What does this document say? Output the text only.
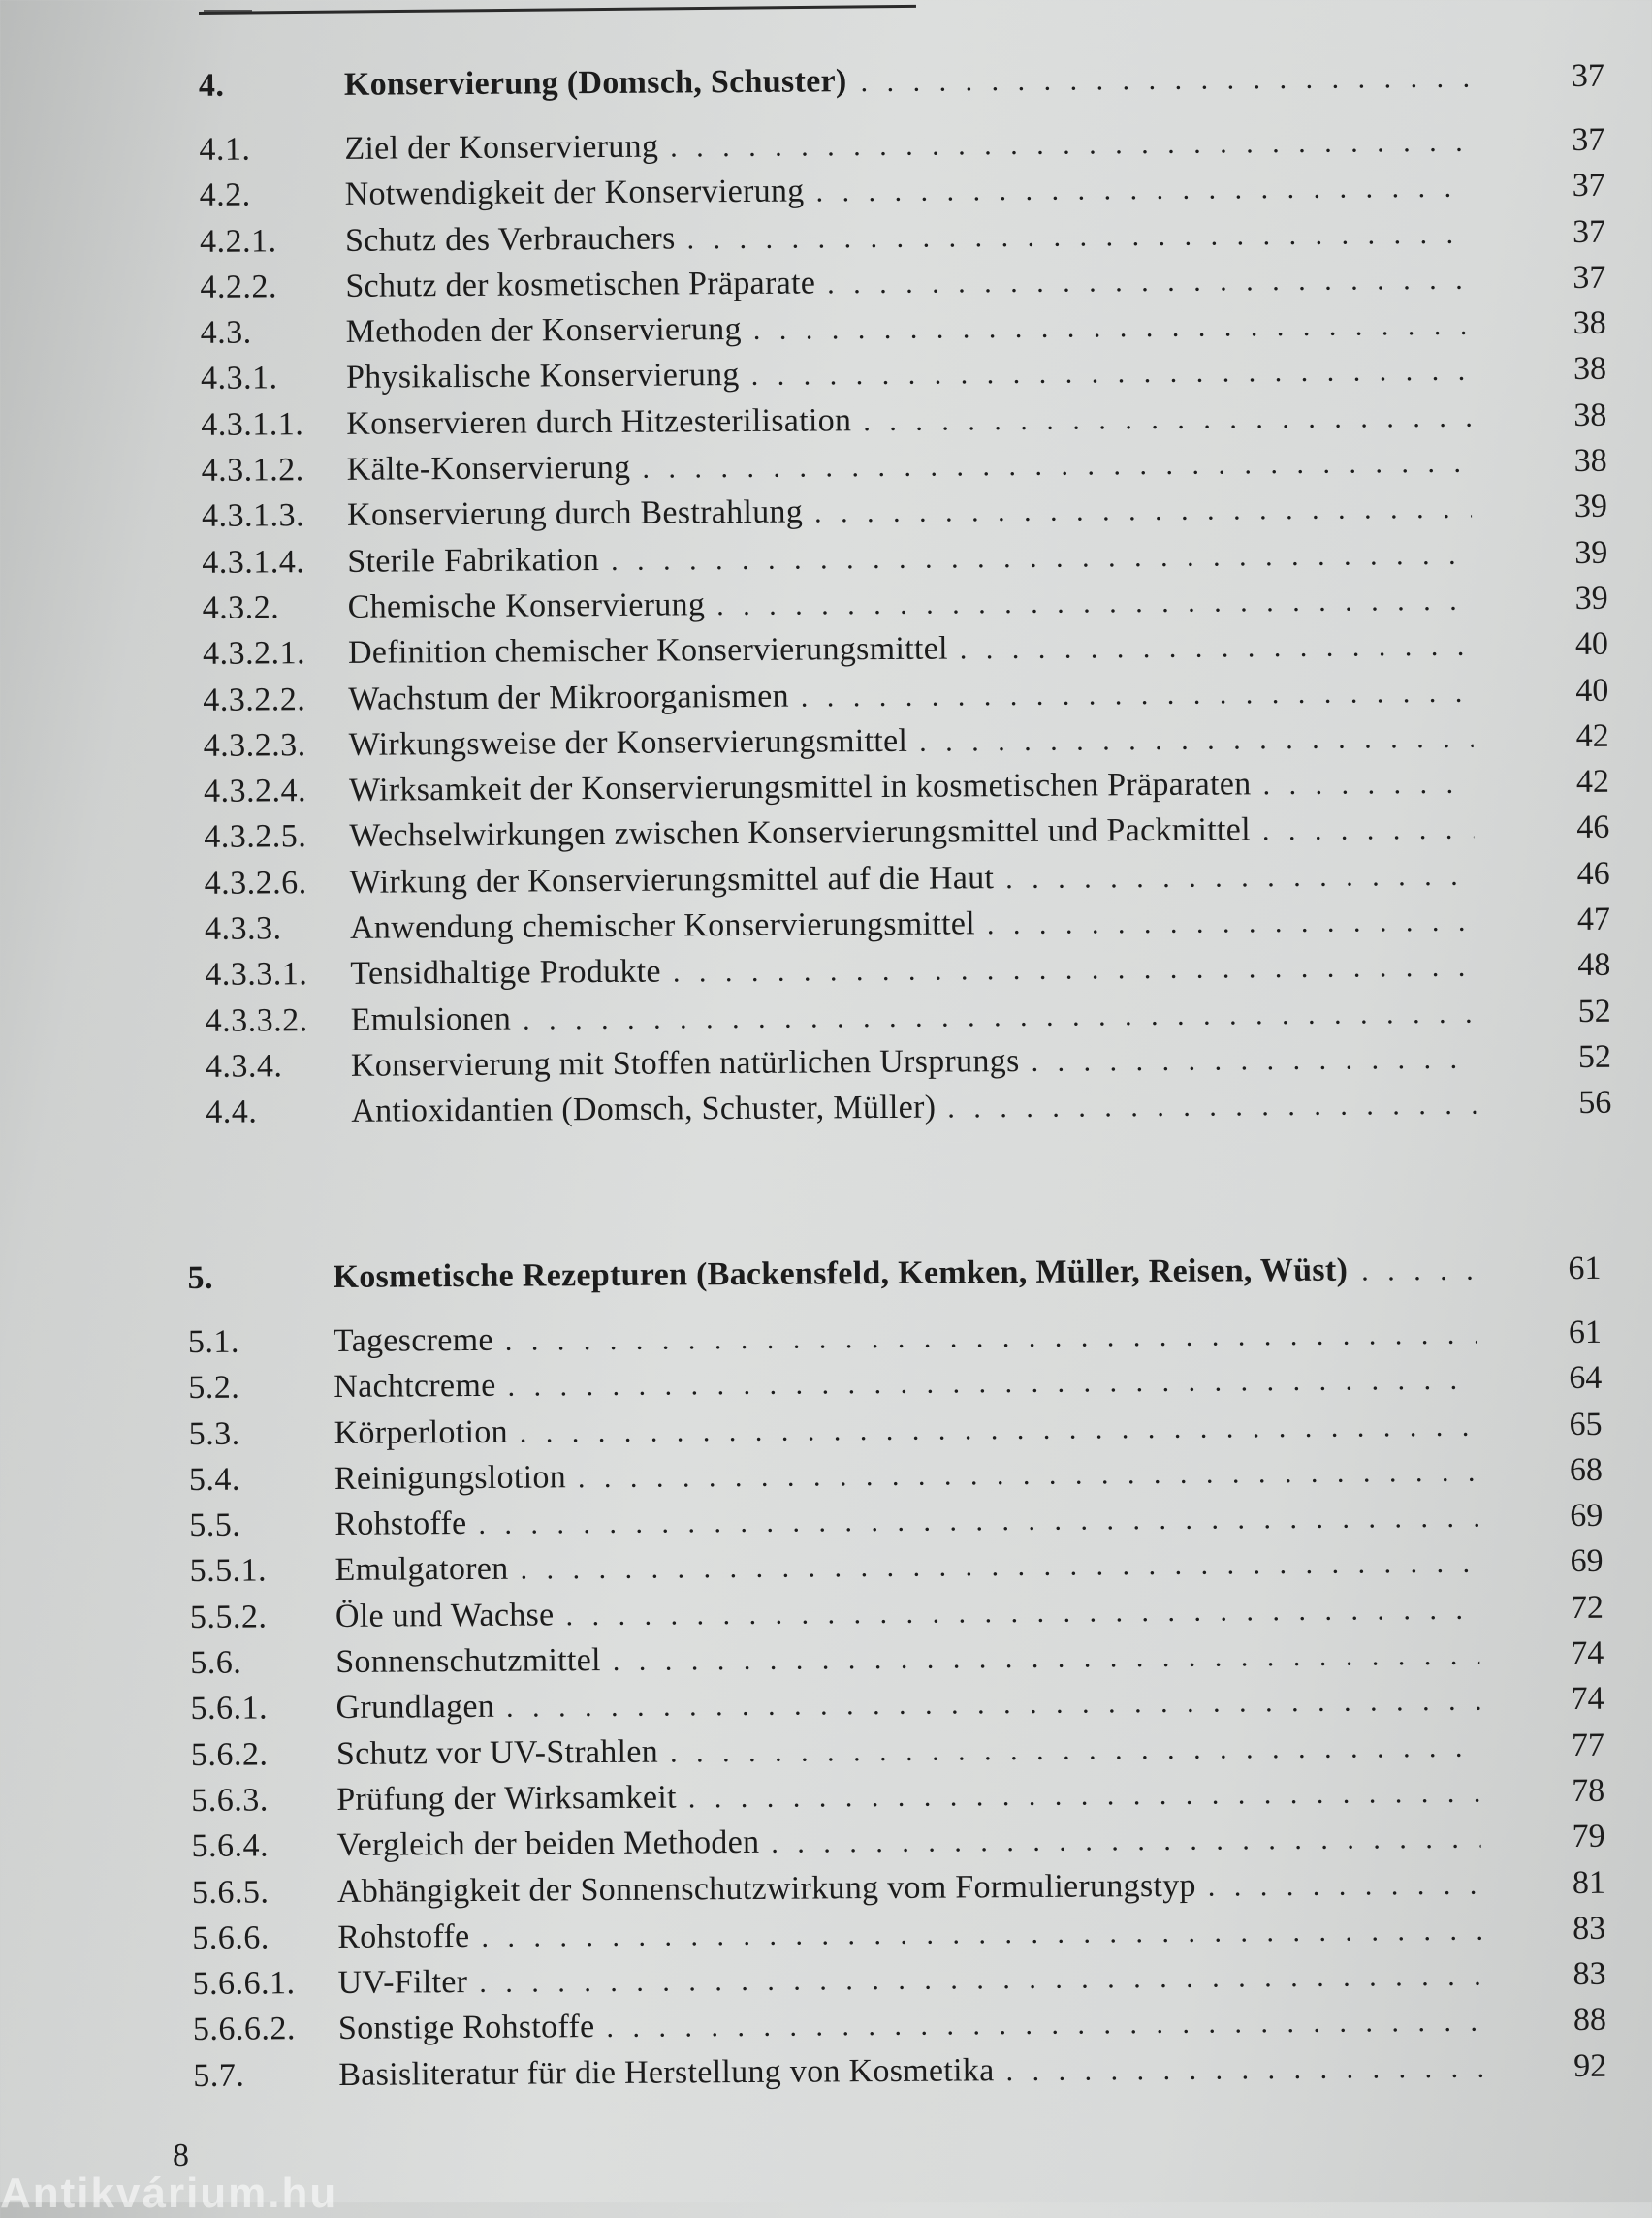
4.	Konservierung (Domsch, Schuster) . . .	37
4.1.	Ziel der Konservierung . . .	37
4.2.	Notwendigkeit der Konservierung . . .	37
4.2.1.	Schutz des Verbrauchers . . .	37
4.2.2.	Schutz der kosmetischen Präparate . . .	37
4.3.	Methoden der Konservierung . . .	38
4.3.1.	Physikalische Konservierung . . .	38
4.3.1.1.	Konservieren durch Hitzesterilisation . . .	38
4.3.1.2.	Kälte-Konservierung . . .	38
4.3.1.3.	Konservierung durch Bestrahlung . . .	39
4.3.1.4.	Sterile Fabrikation . . .	39
4.3.2.	Chemische Konservierung . . .	39
4.3.2.1.	Definition chemischer Konservierungsmittel . . .	40
4.3.2.2.	Wachstum der Mikroorganismen . . .	40
4.3.2.3.	Wirkungsweise der Konservierungsmittel . . .	42
4.3.2.4.	Wirksamkeit der Konservierungsmittel in kosmetischen Präparaten . . .	42
4.3.2.5.	Wechselwirkungen zwischen Konservierungsmittel und Packmittel . . .	46
4.3.2.6.	Wirkung der Konservierungsmittel auf die Haut . . .	46
4.3.3.	Anwendung chemischer Konservierungsmittel . . .	47
4.3.3.1.	Tensidhaltige Produkte . . .	48
4.3.3.2.	Emulsionen . . .	52
4.3.4.	Konservierung mit Stoffen natürlichen Ursprungs . . .	52
4.4.	Antioxidantien (Domsch, Schuster, Müller) . . .	56
5.	Kosmetische Rezepturen (Backensfeld, Kemken, Müller, Reisen, Wüst) . . .	61
5.1.	Tagescreme . . .	61
5.2.	Nachtcreme . . .	64
5.3.	Körperlotion . . .	65
5.4.	Reinigungslotion . . .	68
5.5.	Rohstoffe . . .	69
5.5.1.	Emulgatoren . . .	69
5.5.2.	Öle und Wachse . . .	72
5.6.	Sonnenschutzmittel . . .	74
5.6.1.	Grundlagen . . .	74
5.6.2.	Schutz vor UV-Strahlen . . .	77
5.6.3.	Prüfung der Wirksamkeit . . .	78
5.6.4.	Vergleich der beiden Methoden . . .	79
5.6.5.	Abhängigkeit der Sonnenschutzwirkung vom Formulierungstyp . . .	81
5.6.6.	Rohstoffe . . .	83
5.6.6.1.	UV-Filter . . .	83
5.6.6.2.	Sonstige Rohstoffe . . .	88
5.7.	Basisliteratur für die Herstellung von Kosmetika . . .	92
8
Antikvárium.hu
